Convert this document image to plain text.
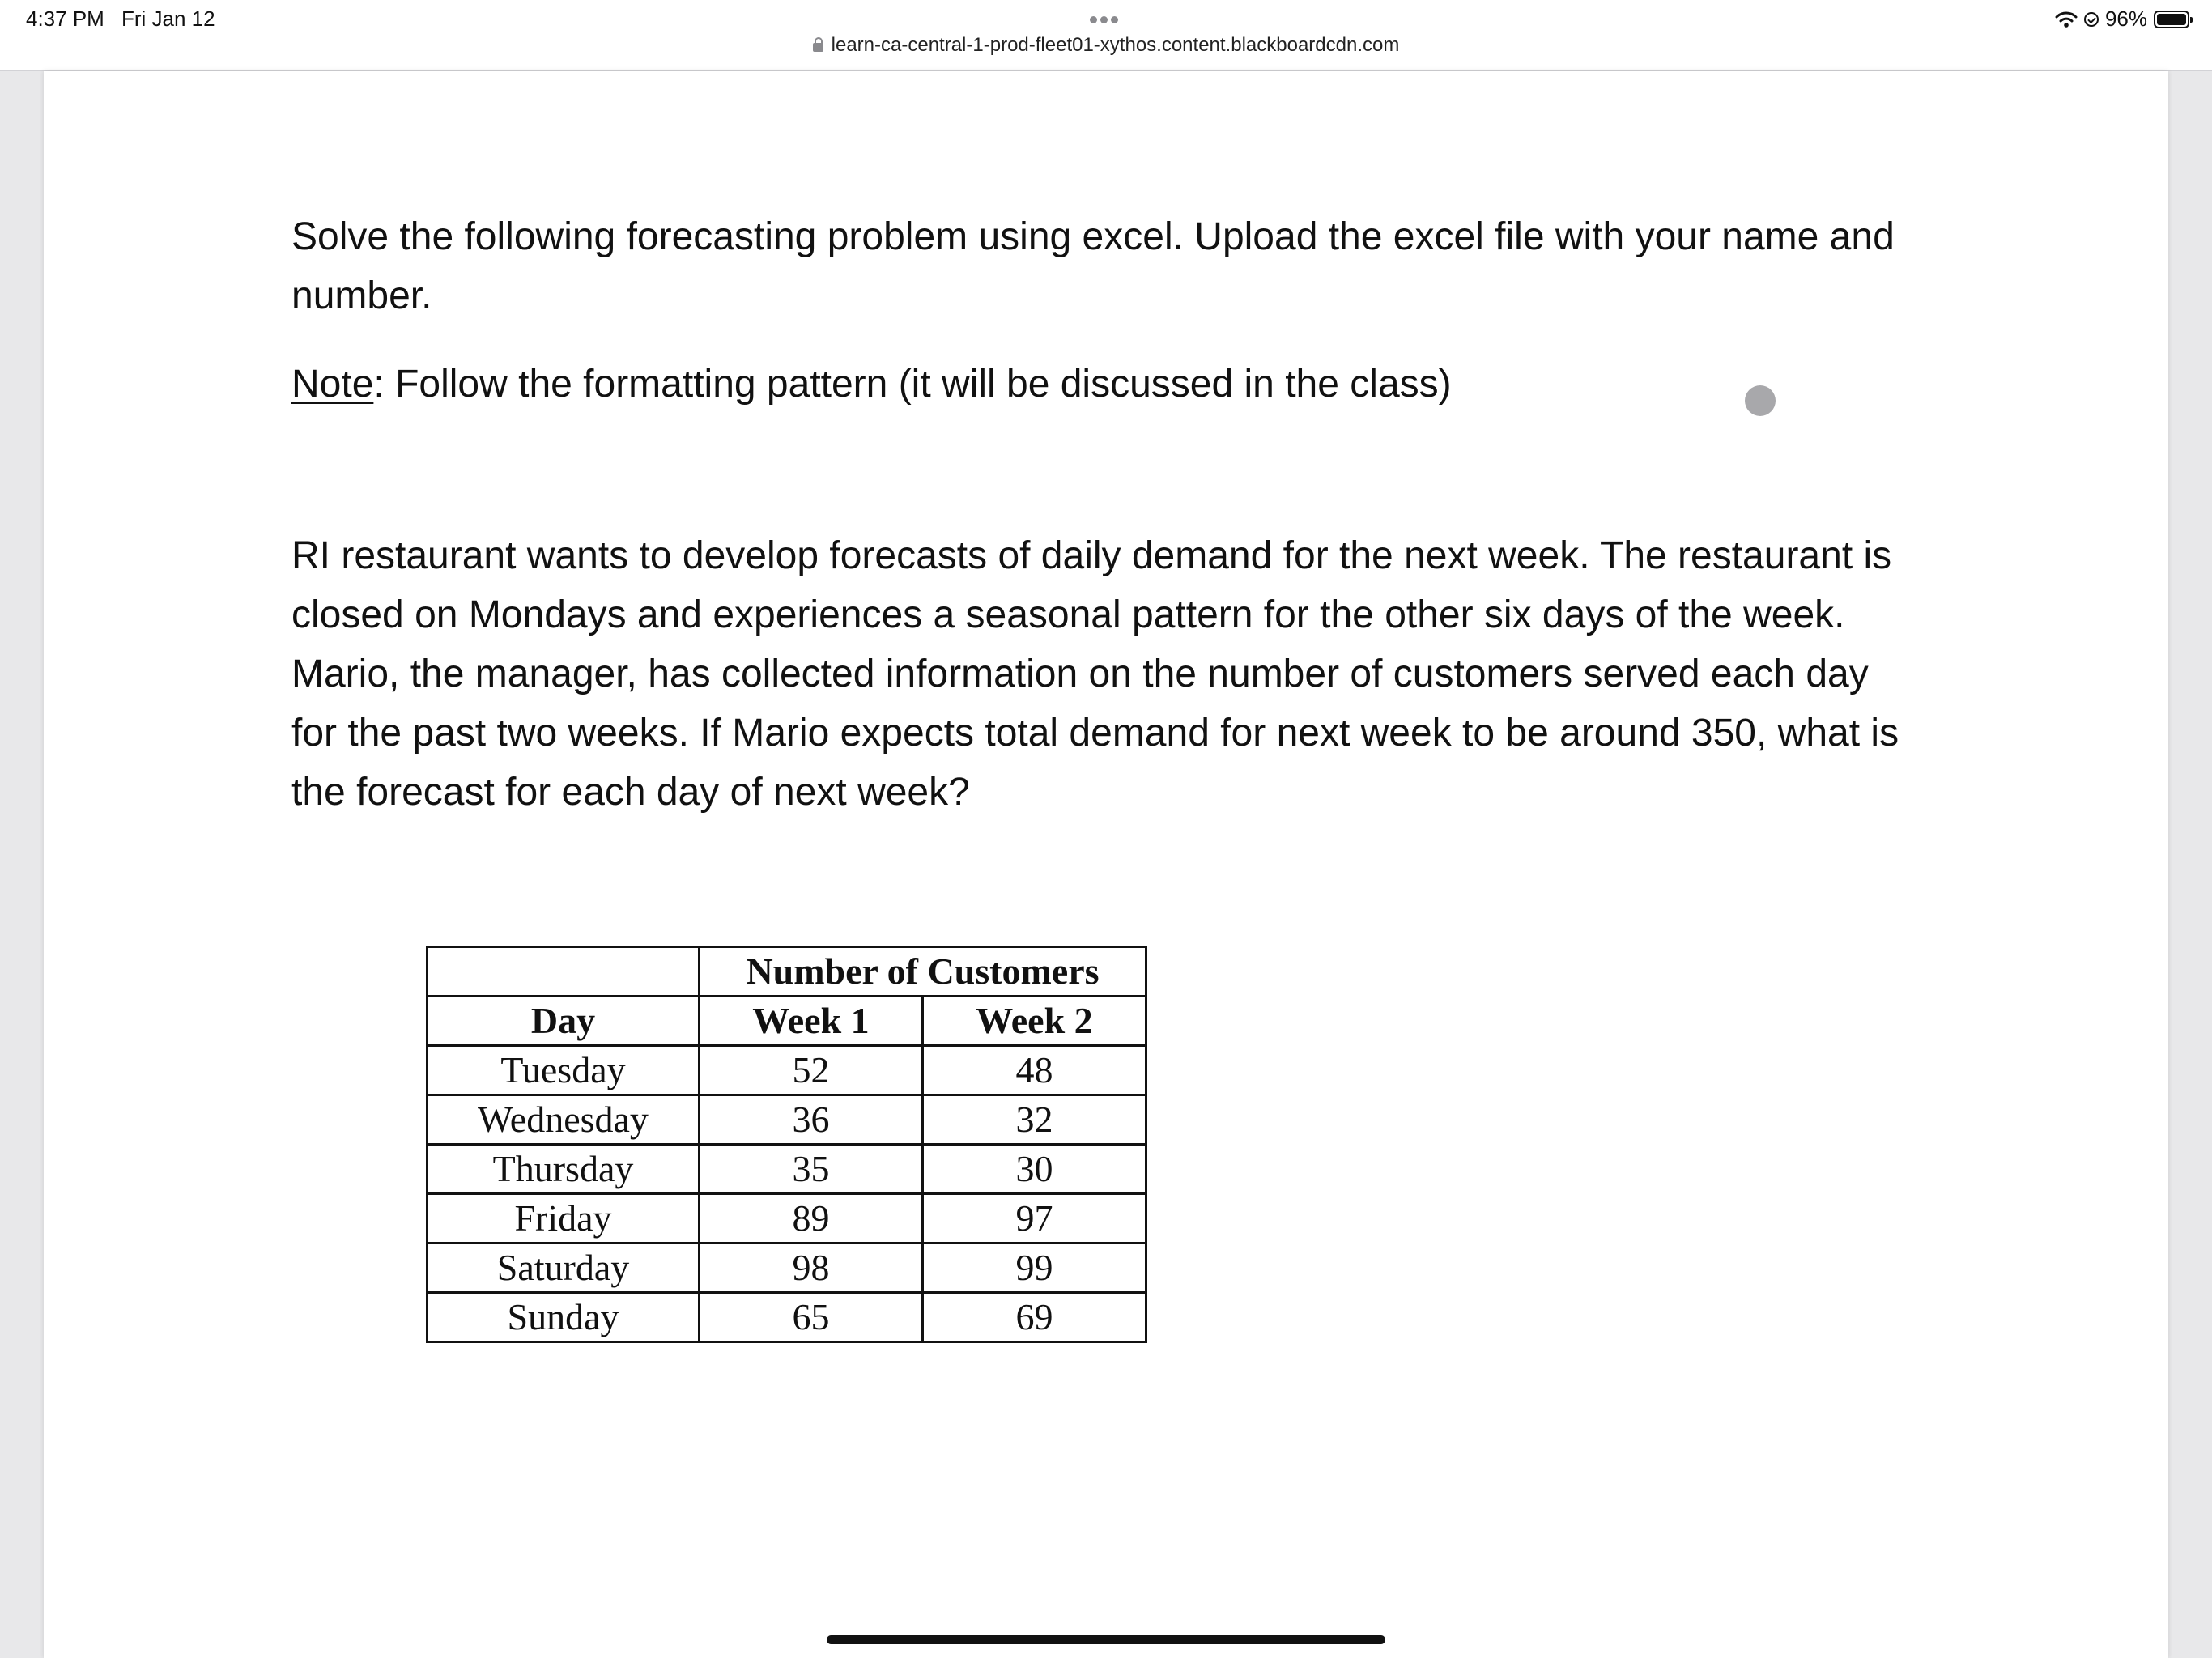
4:37 PM Fri Jan 12
learn-ca-central-1-prod-fleet01-xythos.content.blackboardcdn.com
96%
Solve the following forecasting problem using excel. Upload the excel file with your name and number.
Note: Follow the formatting pattern (it will be discussed in the class)
RI restaurant wants to develop forecasts of daily demand for the next week. The restaurant is closed on Mondays and experiences a seasonal pattern for the other six days of the week. Mario, the manager, has collected information on the number of customers served each day for the past two weeks. If Mario expects total demand for next week to be around 350, what is the forecast for each day of next week?
	Number of Customers	
Day	Week 1	Week 2
Tuesday	52	48
Wednesday	36	32
Thursday	35	30
Friday	89	97
Saturday	98	99
Sunday	65	69
